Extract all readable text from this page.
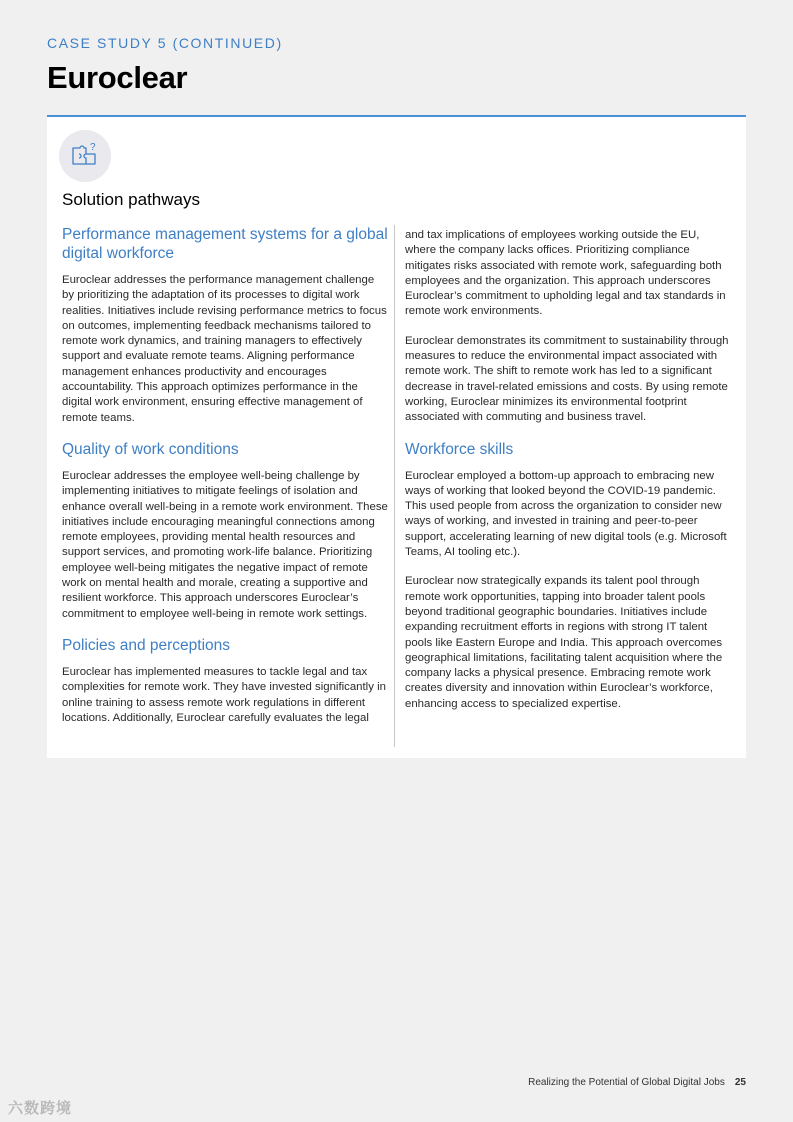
CASE STUDY 5 (CONTINUED)
Euroclear
?
Solution pathways
Performance management systems for a global digital workforce

Euroclear addresses the performance management challenge by prioritizing the adaptation of its processes to digital work realities. Initiatives include revising performance metrics to focus on outcomes, implementing feedback mechanisms tailored to remote work dynamics, and training managers to effectively support and evaluate remote teams. Aligning performance management enhances productivity and encourages accountability. This approach optimizes performance in the digital work environment, ensuring effective management of remote teams.

Quality of work conditions

Euroclear addresses the employee well-being challenge by implementing initiatives to mitigate feelings of isolation and enhance overall well-being in a remote work environment. These initiatives include encouraging meaningful connections among remote employees, providing mental health resources and support services, and promoting work-life balance. Prioritizing employee well-being mitigates the negative impact of remote work on mental health and morale, creating a supportive and resilient workforce. This approach underscores Euroclear’s commitment to employee well-being in remote work settings.

Policies and perceptions

Euroclear has implemented measures to tackle legal and tax complexities for remote work. They have invested significantly in online training to assess remote work regulations in different locations. Additionally, Euroclear carefully evaluates the legal

and tax implications of employees working outside the EU, where the company lacks offices. Prioritizing compliance mitigates risks associated with remote work, safeguarding both employees and the organization. This approach underscores Euroclear’s commitment to upholding legal and tax standards in remote work environments.

Euroclear demonstrates its commitment to sustainability through measures to reduce the environmental impact associated with remote work. The shift to remote work has led to a significant decrease in travel-related emissions and costs. By using remote working, Euroclear minimizes its environmental footprint associated with commuting and business travel.

Workforce skills

Euroclear employed a bottom-up approach to embracing new ways of working that looked beyond the COVID-19 pandemic. This used people from across the organization to consider new ways of working, and invested in training and peer-to-peer support, accelerating learning of new digital tools (e.g. Microsoft Teams, AI tooling etc.).

Euroclear now strategically expands its talent pool through remote work opportunities, tapping into broader talent pools beyond traditional geographic boundaries. Initiatives include expanding recruitment efforts in regions with strong IT talent pools like Eastern Europe and India. This approach overcomes geographical limitations, facilitating talent acquisition where the company lacks a physical presence. Embracing remote work creates diversity and innovation within Euroclear’s workforce, enhancing access to specialized expertise.

Realizing the Potential of Global Digital Jobs 25
六数跨境
